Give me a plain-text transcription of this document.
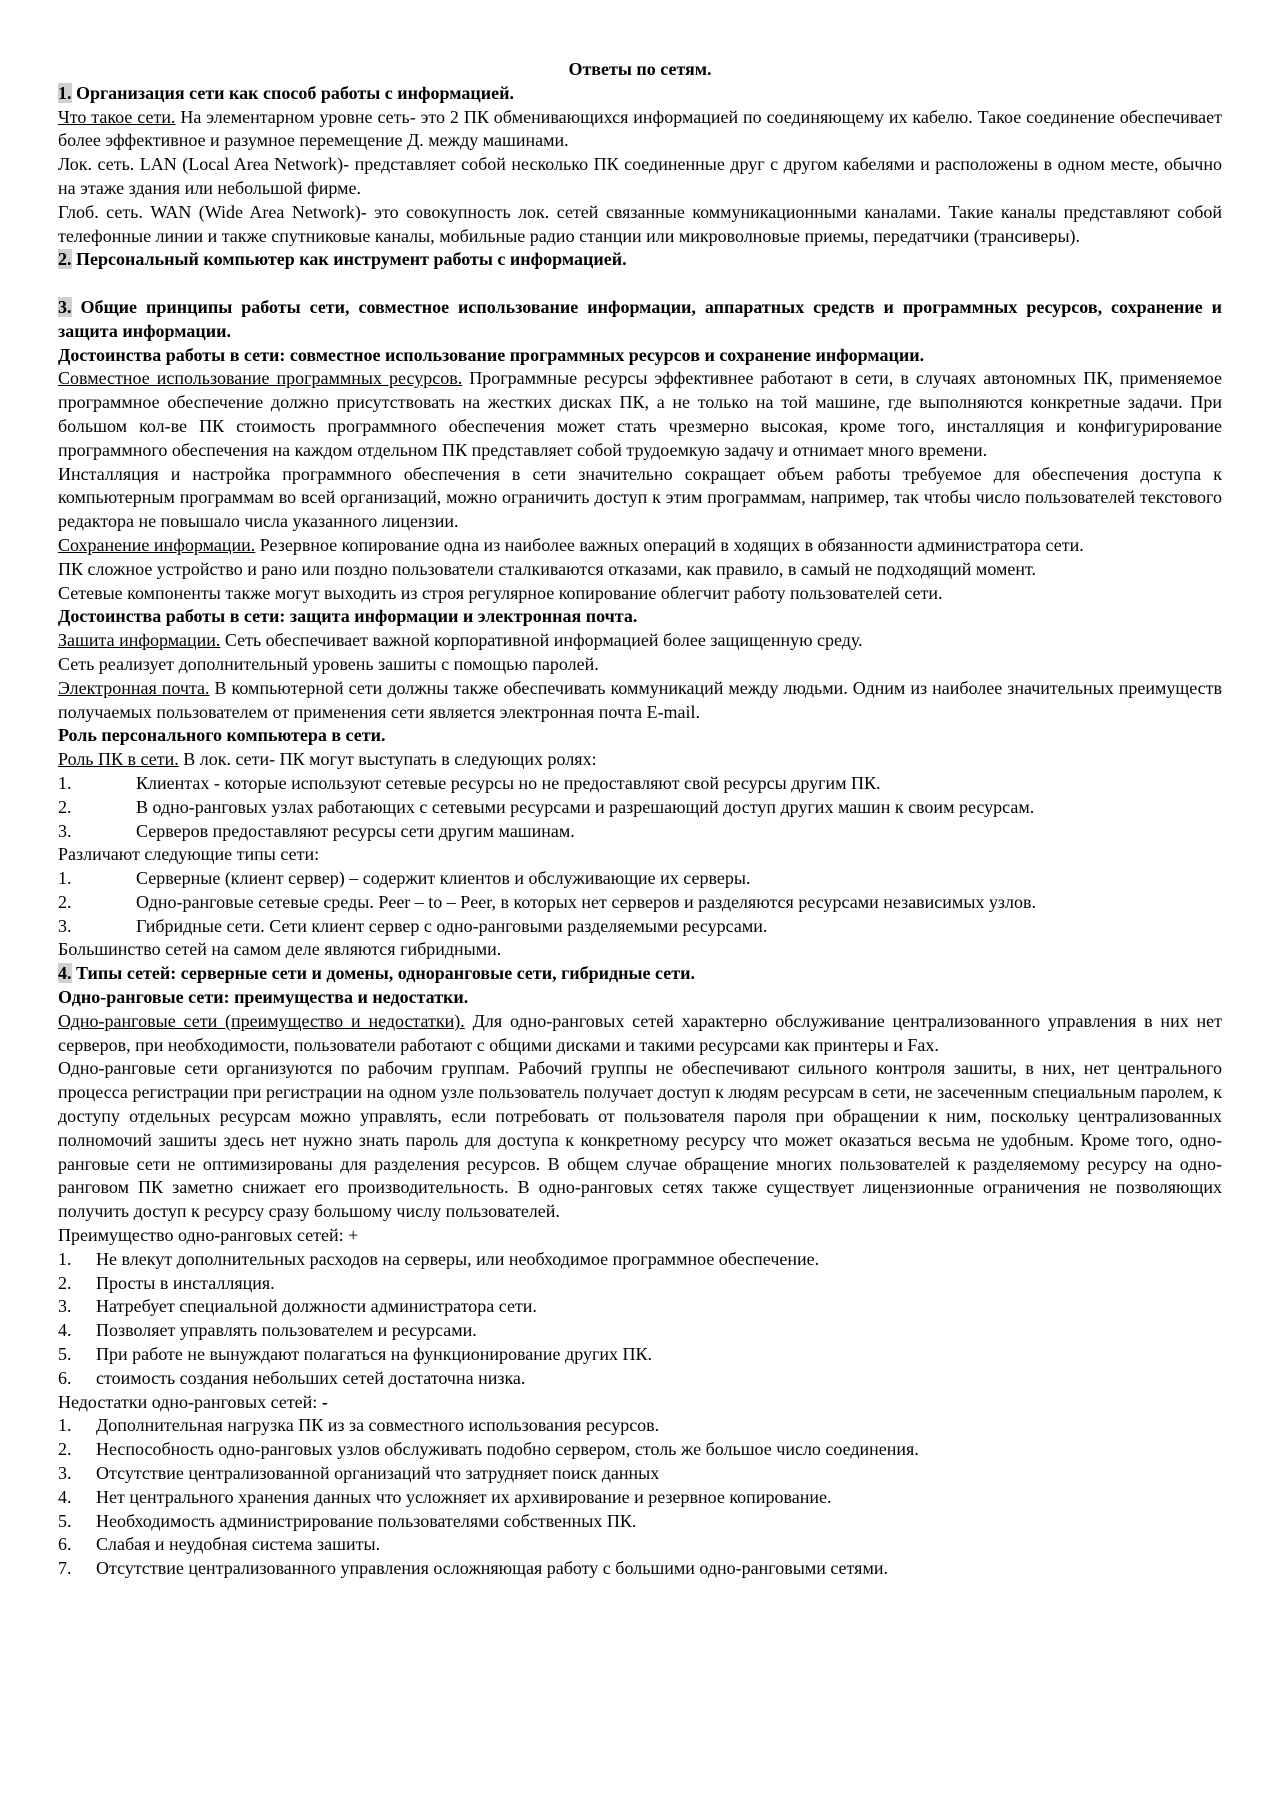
Ответы по сетям.

1. Организация сети как способ работы с информацией.

Что такое сети. На элементарном уровне сеть- это 2 ПК обменивающихся информацией по соединяющему их кабелю. Такое соединение обеспечивает более эффективное и разумное перемещение Д. между машинами.

Лок. сеть. LAN (Local Area Network)- представляет собой несколько ПК соединенные друг с другом кабелями и расположены в одном месте, обычно на этаже здания или небольшой фирме.

Глоб. сеть. WAN (Wide Area Network)- это совокупность лок. сетей связанные коммуникационными каналами. Такие каналы представляют собой телефонные линии и также спутниковые каналы, мобильные радио станции или микроволновые приемы, передатчики (трансиверы).

2. Персональный компьютер как инструмент работы с информацией.

3. Общие принципы работы сети, совместное использование информации, аппаратных средств и программных ресурсов, сохранение и защита информации.

Достоинства работы в сети: совместное использование программных ресурсов и сохранение информации.

Совместное использование программных ресурсов. Программные ресурсы эффективнее работают в сети, в случаях автономных ПК, применяемое программное обеспечение должно присутствовать на жестких дисках ПК, а не только на той машине, где выполняются конкретные задачи. При большом кол-ве ПК стоимость программного обеспечения может стать чрезмерно высокая, кроме того, инсталляция и конфигурирование программного обеспечения на каждом отдельном ПК представляет собой трудоемкую задачу и отнимает много времени.

Инсталляция и настройка программного обеспечения в сети значительно сокращает объем работы требуемое для обеспечения доступа к компьютерным программам во всей организаций, можно ограничить доступ к этим программам, например, так чтобы число пользователей текстового редактора не повышало числа указанного лицензии.

Сохранение информации. Резервное копирование одна из наиболее важных операций в ходящих в обязанности администратора сети.

ПК сложное устройство и рано или поздно пользователи сталкиваются отказами, как правило, в самый не подходящий момент.

Сетевые компоненты также могут выходить из строя регулярное копирование облегчит работу пользователей сети.

Достоинства работы в сети: защита информации и электронная почта.

Зашита информации. Сеть обеспечивает важной корпоративной информацией более защищенную среду.

Сеть реализует дополнительный уровень зашиты с помощью паролей.

Электронная почта. В компьютерной сети должны также обеспечивать коммуникаций между людьми. Одним из наиболее значительных преимуществ получаемых пользователем от применения сети является электронная почта E-mail.

Роль персонального компьютера в сети.

Роль ПК в сети. В лок. сети- ПК могут выступать в следующих ролях:

1.	Клиентах - которые используют сетевые ресурсы но не предоставляют свой ресурсы другим ПК.
2.	В одно-ранговых узлах работающих с сетевыми ресурсами и разрешающий доступ других машин к своим ресурсам.
3.	Серверов предоставляют ресурсы сети другим машинам.

Различают следующие типы сети:

1.	Серверные (клиент сервер) – содержит клиентов и обслуживающие их серверы.
2.	Одно-ранговые сетевые среды. Peer – to – Peer, в которых нет серверов и разделяются ресурсами независимых узлов.
3.	Гибридные сети. Сети клиент сервер с одно-ранговыми разделяемыми ресурсами.

Большинство сетей на самом деле являются гибридными.

4. Типы сетей: серверные сети и домены, одноранговые сети, гибридные сети.

Одно-ранговые сети: преимущества и недостатки.

Одно-ранговые сети (преимущество и недостатки). Для одно-ранговых сетей характерно обслуживание централизованного управления в них нет серверов, при необходимости, пользователи работают с общими дисками и такими ресурсами как принтеры и Fax.

Одно-ранговые сети организуются по рабочим группам. Рабочий группы не обеспечивают сильного контроля зашиты, в них, нет центрального процесса регистрации при регистрации на одном узле пользователь получает доступ к людям ресурсам в сети, не засеченным специальным паролем, к доступу отдельных ресурсам можно управлять, если потребовать от пользователя пароля при обращении к ним, поскольку централизованных полномочий зашиты здесь нет нужно знать пароль для доступа к конкретному ресурсу что может оказаться весьма не удобным. Кроме того, одно-ранговые сети не оптимизированы для разделения ресурсов. В общем случае обращение многих пользователей к разделяемому ресурсу на одно-ранговом ПК заметно снижает его производительность. В одно-ранговых сетях также существует лицензионные ограничения не позволяющих получить доступ к ресурсу сразу большому числу пользователей.

Преимущество одно-ранговых сетей: +

1.	Не влекут дополнительных расходов на серверы, или необходимое программное обеспечение.
2.	Просты в инсталляция.
3.	Натребует специальной должности администратора сети.
4.	Позволяет управлять пользователем и ресурсами.
5.	При работе не вынуждают полагаться на функционирование других ПК.
6.	стоимость создания небольших сетей достаточна низка.

Недостатки одно-ранговых сетей: -

1.	Дополнительная нагрузка ПК из за совместного использования ресурсов.
2.	Неспособность одно-ранговых узлов обслуживать подобно сервером, столь же большое число соединения.
3.	Отсутствие централизованной организаций что затрудняет поиск данных
4.	Нет центрального хранения данных что усложняет их архивирование и резервное копирование.
5.	Необходимость администрирование пользователями собственных ПК.
6.	Слабая и неудобная система зашиты.
7.	Отсутствие централизованного управления осложняющая работу с большими одно-ранговыми сетями.
